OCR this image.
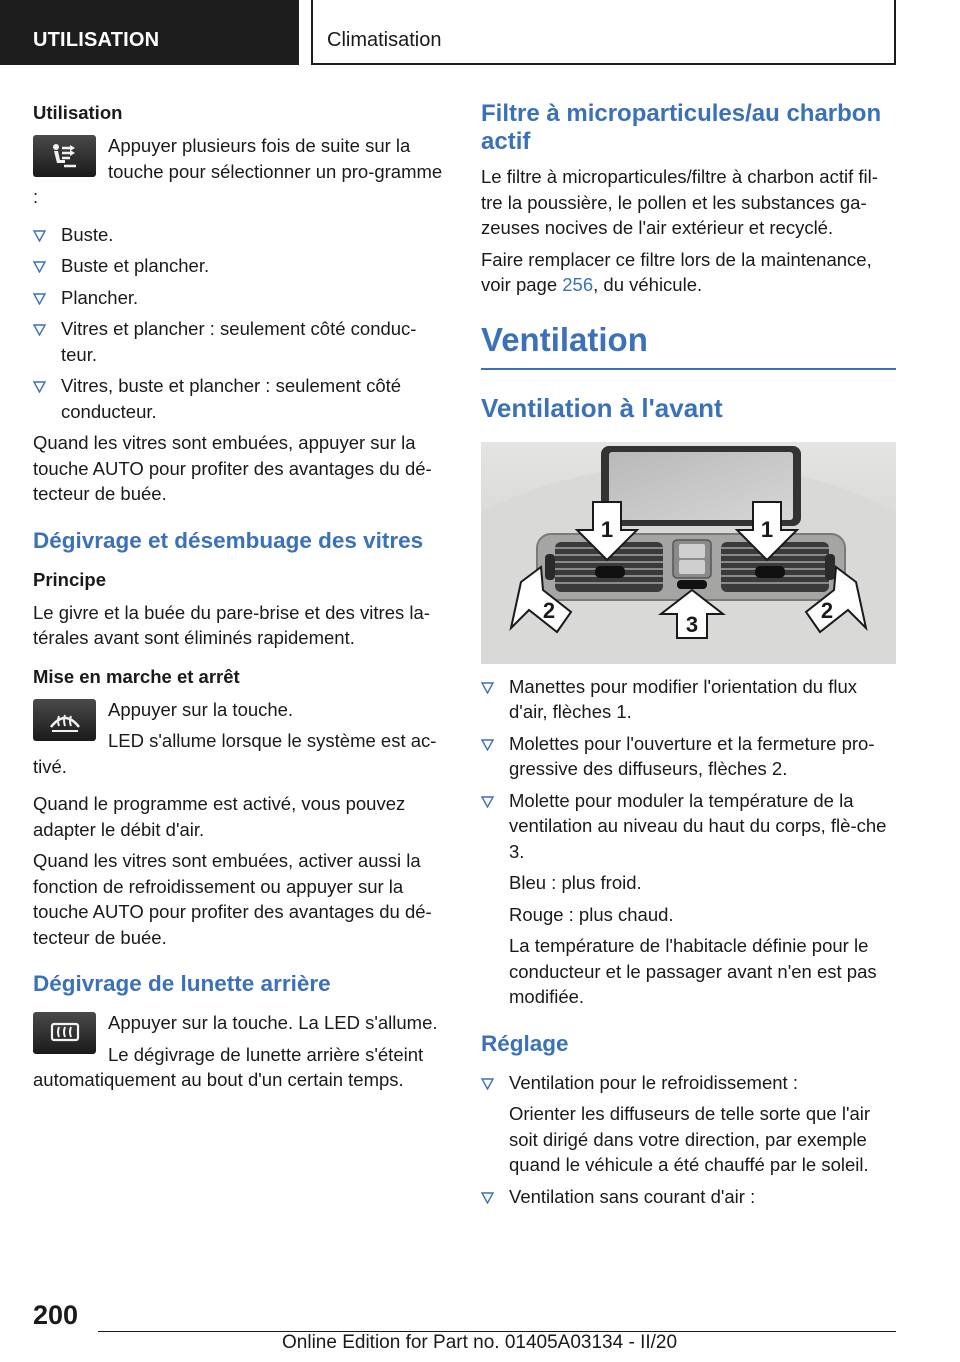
UTILISATION	Climatisation
Utilisation

Appuyer plusieurs fois de suite sur la touche pour sélectionner un pro-gramme :

Buste.
Buste et plancher.
Plancher.
Vitres et plancher : seulement côté conduc-teur.
Vitres, buste et plancher : seulement côté conducteur.

Quand les vitres sont embuées, appuyer sur la touche AUTO pour profiter des avantages du dé-tecteur de buée.

Dégivrage et désembuage des vitres
Principe

Le givre et la buée du pare-brise et des vitres la-térales avant sont éliminés rapidement.

Mise en marche et arrêt

Appuyer sur la touche.

LED s'allume lorsque le système est ac-tivé.

Quand le programme est activé, vous pouvez adapter le débit d'air.

Quand les vitres sont embuées, activer aussi la fonction de refroidissement ou appuyer sur la touche AUTO pour profiter des avantages du dé-tecteur de buée.

Dégivrage de lunette arrière

Appuyer sur la touche. La LED s'allume.

Le dégivrage de lunette arrière s'éteint automatiquement au bout d'un certain temps.

Filtre à microparticules/au charbon actif

Le filtre à microparticules/filtre à charbon actif fil-tre la poussière, le pollen et les substances ga-zeuses nocives de l'air extérieur et recyclé.

Faire remplacer ce filtre lors de la maintenance, voir page 256, du véhicule.

Ventilation
Ventilation à l'avant
1	1
2	2
3
Manettes pour modifier l'orientation du flux d'air, flèches 1.
Molettes pour l'ouverture et la fermeture pro-gressive des diffuseurs, flèches 2.
Molette pour moduler la température de la ventilation au niveau du haut du corps, flè-che 3.

Bleu : plus froid.

Rouge : plus chaud.

La température de l'habitacle définie pour le conducteur et le passager avant n'en est pas modifiée.

Réglage
Ventilation pour le refroidissement :

Orienter les diffuseurs de telle sorte que l'air soit dirigé dans votre direction, par exemple quand le véhicule a été chauffé par le soleil.

Ventilation sans courant d'air :
200
Online Edition for Part no. 01405A03134 - II/20
